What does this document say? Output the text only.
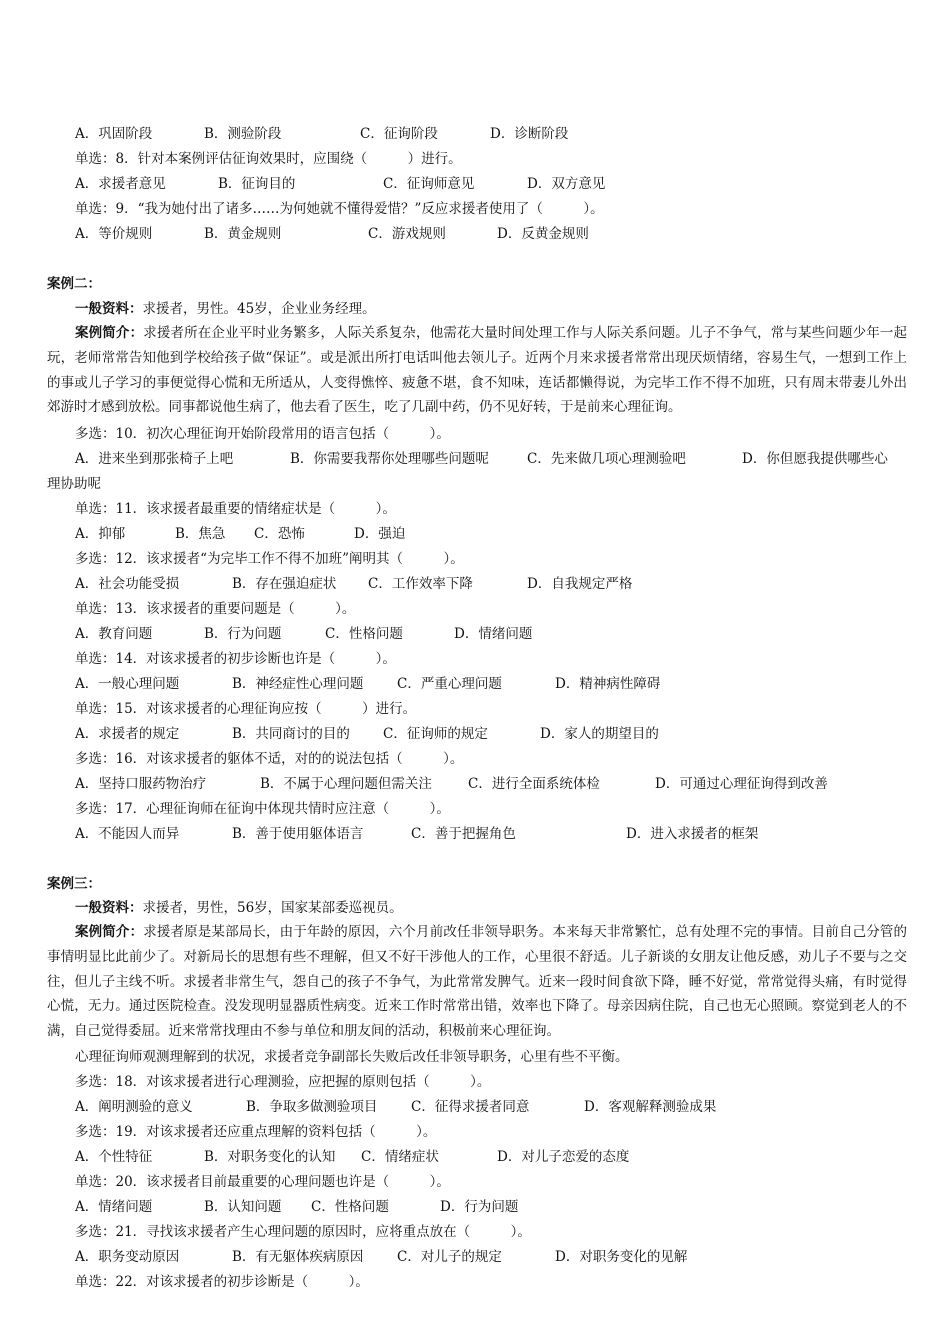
A．巩固阶段	B．测验阶段	C．征询阶段	D．诊断阶段
单选：8．针对本案例评估征询效果时，应围绕（　　　）进行。
A．求援者意见	B．征询目的	C．征询师意见	D．双方意见
单选：9．“我为她付出了诸多……为何她就不懂得爱惜？”反应求援者使用了（　　　）。
A．等价规则	B．黄金规则	C．游戏规则	D．反黄金规则
案例二：
一般资料：求援者，男性。45岁，企业业务经理。
案例简介：求援者所在企业平时业务繁多，人际关系复杂，他需花大量时间处理工作与人际关系问题。儿子不争气，常与某些问题少年一起玩，老师常常告知他到学校给孩子做“保证”。或是派出所打电话叫他去领儿子。近两个月来求援者常常出现厌烦情绪，容易生气，一想到工作上的事或儿子学习的事便觉得心慌和无所适从，人变得憔悴、疲惫不堪，食不知味，连话都懒得说，为完毕工作不得不加班，只有周末带妻儿外出郊游时才感到放松。同事都说他生病了，他去看了医生，吃了几副中药，仍不见好转，于是前来心理征询。
多选：10．初次心理征询开始阶段常用的语言包括（　　　）。
A．进来坐到那张椅子上吧	B．你需要我帮你处理哪些问题呢	C．先来做几项心理测验吧	D．你但愿我提供哪些心
理协助呢
单选：11．该求援者最重要的情绪症状是（　　　）。
A．抑郁	B．焦急 C．恐怖	D．强迫
多选：12．该求援者“为完毕工作不得不加班”阐明其（　　　）。
A．社会功能受损	B．存在强迫症状 C．工作效率下降	D．自我规定严格
单选：13．该求援者的重要问题是（　　　）。
A．教育问题	B．行为问题	C．性格问题	D．情绪问题
单选：14．对该求援者的初步诊断也许是（　　　）。
A．一般心理问题	B．神经症性心理问题 C．严重心理问题	D．精神病性障碍
单选：15．对该求援者的心理征询应按（　　　）进行。
A．求援者的规定	B．共同商讨的目的 C．征询师的规定	D．家人的期望目的
多选：16．对该求援者的躯体不适，对的的说法包括（　　　）。
A．坚持口服药物治疗	B．不属于心理问题但需关注	C．进行全面系统体检	D．可通过心理征询得到改善
多选：17．心理征询师在征询中体现共情时应注意（　　　）。
A．不能因人而异	B．善于使用躯体语言	C．善于把握角色	D．进入求援者的框架
案例三：
一般资料：求援者，男性，56岁，国家某部委巡视员。
案例简介：求援者原是某部局长，由于年龄的原因，六个月前改任非领导职务。本来每天非常繁忙，总有处理不完的事情。目前自己分管的事情明显比此前少了。对新局长的思想有些不理解，但又不好干涉他人的工作，心里很不舒适。儿子新谈的女朋友让他反感，劝儿子不要与之交往，但儿子主线不听。求援者非常生气，怨自己的孩子不争气，为此常常发脾气。近来一段时间食欲下降，睡不好觉，常常觉得头痛，有时觉得心慌，无力。通过医院检查。没发现明显器质性病变。近来工作时常常出错，效率也下降了。母亲因病住院，自己也无心照顾。察觉到老人的不满，自己觉得委屈。近来常常找理由不参与单位和朋友间的活动，积极前来心理征询。
心理征询师观测理解到的状况，求援者竞争副部长失败后改任非领导职务，心里有些不平衡。
多选：18．对该求援者进行心理测验，应把握的原则包括（　　　）。
A．阐明测验的意义	B．争取多做测验项目 C．征得求援者同意	D．客观解释测验成果
多选：19．对该求援者还应重点理解的资料包括（　　　）。
A．个性特征	B．对职务变化的认知 C．情绪症状	D．对儿子恋爱的态度
单选：20．该求援者目前最重要的心理问题也许是（　　　）。
A．情绪问题	B．认知问题 C．性格问题	D．行为问题
多选：21．寻找该求援者产生心理问题的原因时，应将重点放在（　　　）。
A．职务变动原因	B．有无躯体疾病原因 C．对儿子的规定	D．对职务变化的见解
单选：22．对该求援者的初步诊断是（　　　）。
